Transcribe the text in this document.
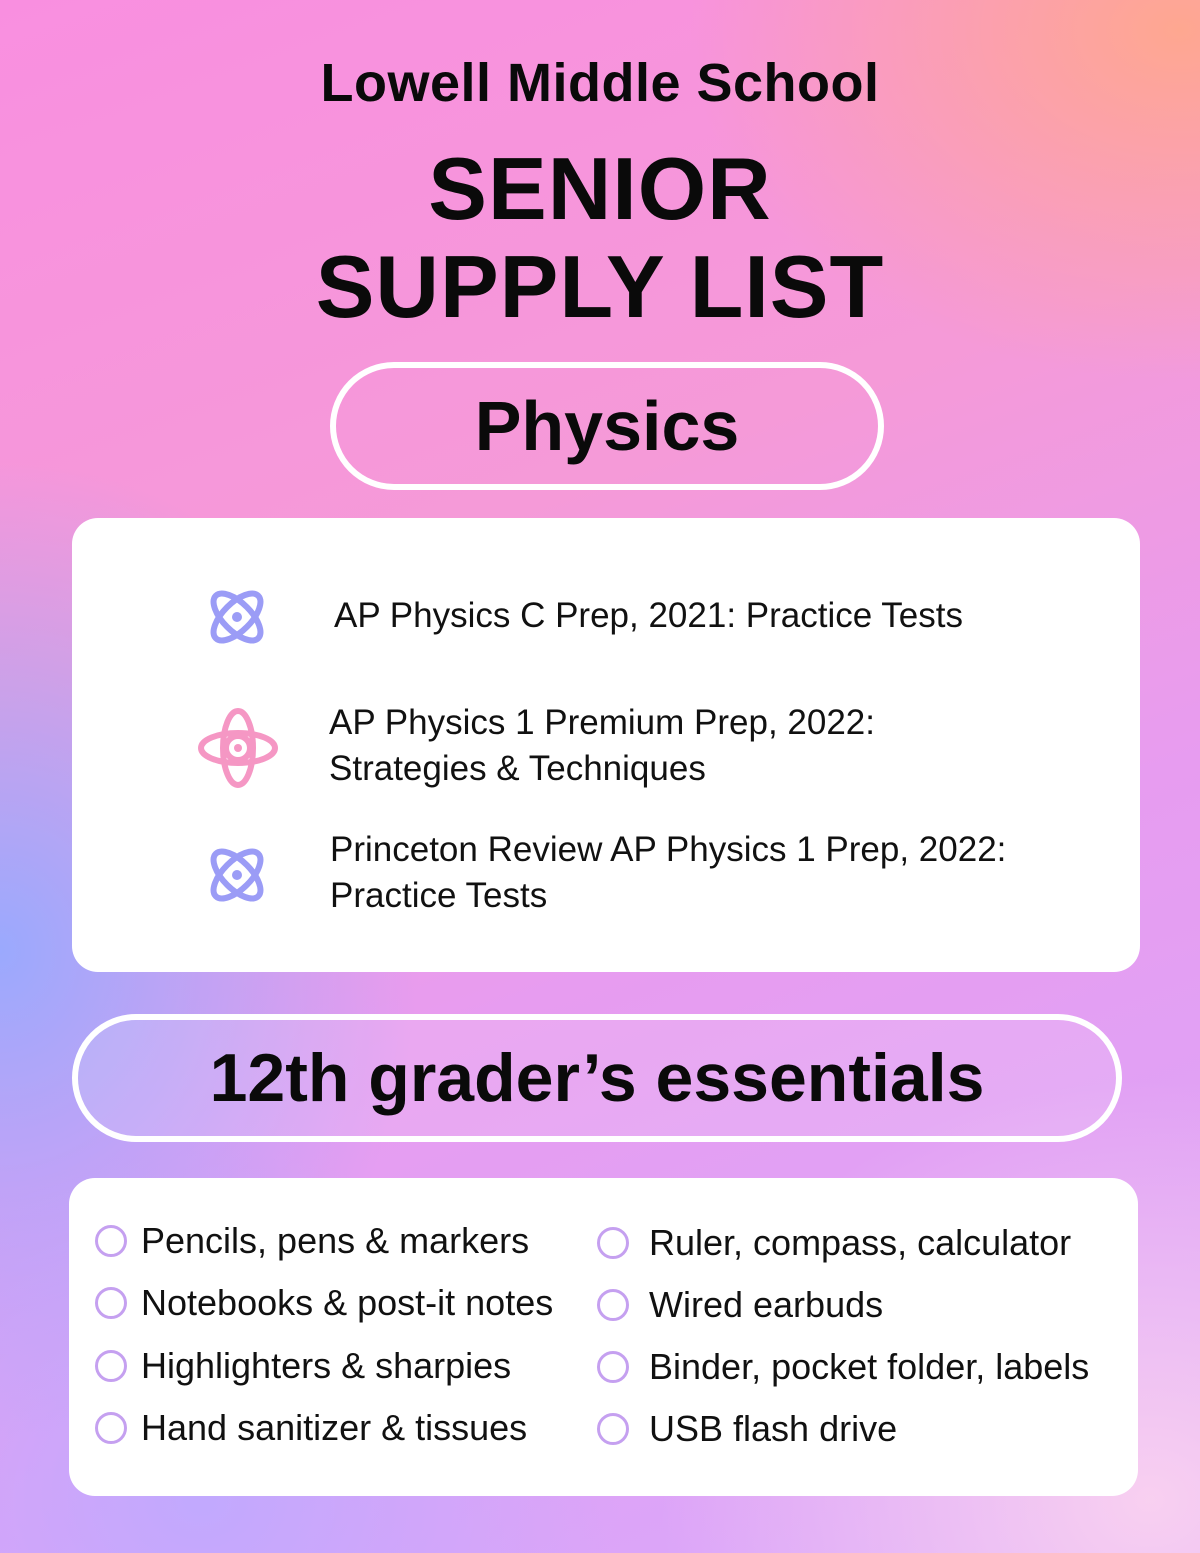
Lowell Middle School
SENIOR
SUPPLY LIST
Physics
AP Physics C Prep, 2021: Practice Tests
AP Physics 1 Premium Prep, 2022:
Strategies & Techniques
Princeton Review AP Physics 1 Prep, 2022:
Practice Tests
12th grader’s essentials
Pencils, pens & markers
Notebooks & post-it notes
Highlighters & sharpies
Hand sanitizer & tissues
Ruler, compass, calculator
Wired earbuds
Binder, pocket folder, labels
USB flash drive
